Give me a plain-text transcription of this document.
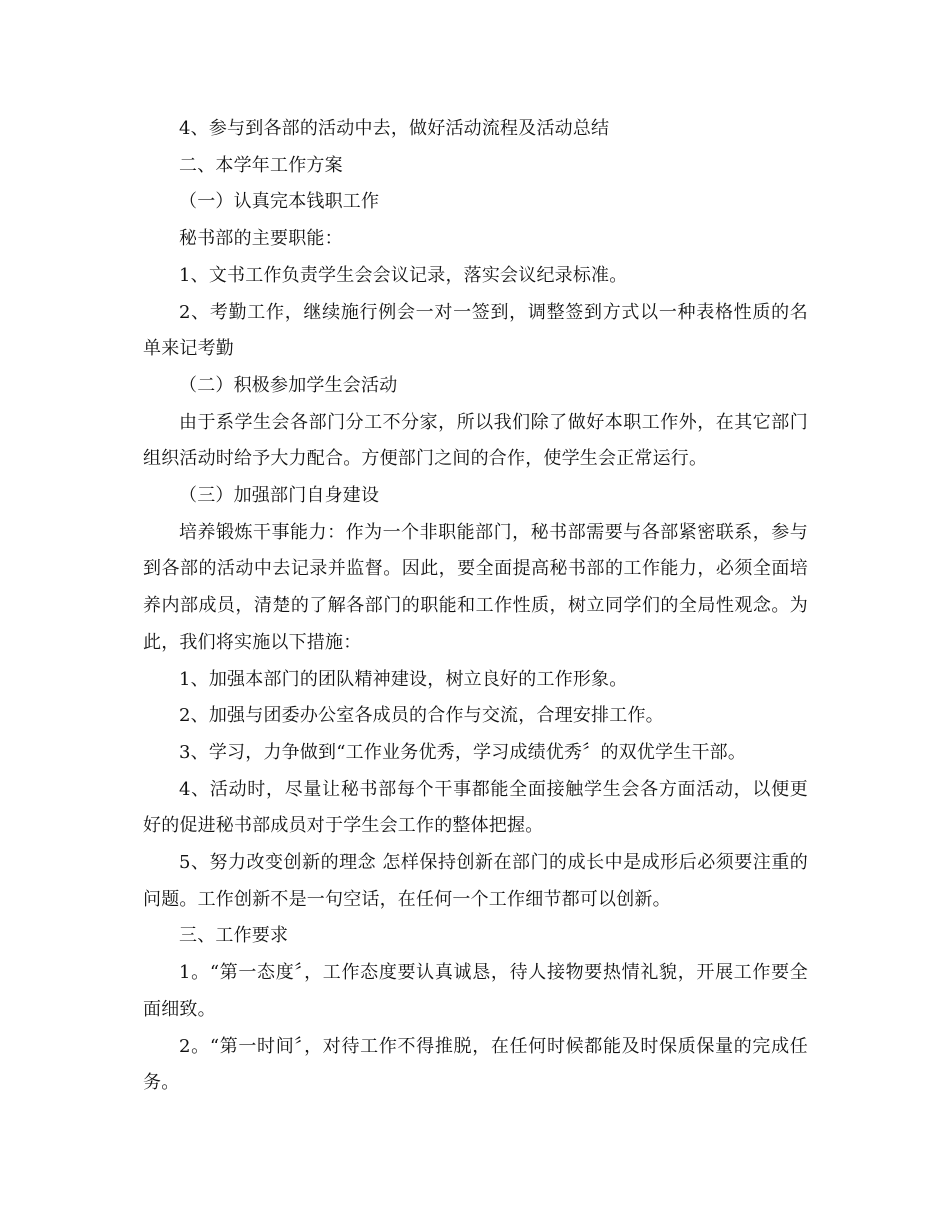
4、参与到各部的活动中去，做好活动流程及活动总结

二、本学年工作方案

（一）认真完本钱职工作

秘书部的主要职能：

1、文书工作负责学生会会议记录，落实会议纪录标准。

2、考勤工作，继续施行例会一对一签到，调整签到方式以一种表格性质的名单来记考勤

（二）积极参加学生会活动

由于系学生会各部门分工不分家，所以我们除了做好本职工作外，在其它部门组织活动时给予大力配合。方便部门之间的合作，使学生会正常运行。

（三）加强部门自身建设

培养锻炼干事能力：作为一个非职能部门，秘书部需要与各部紧密联系，参与到各部的活动中去记录并监督。因此，要全面提高秘书部的工作能力，必须全面培养内部成员，清楚的了解各部门的职能和工作性质，树立同学们的全局性观念。为此，我们将实施以下措施：

1、加强本部门的团队精神建设，树立良好的工作形象。

2、加强与团委办公室各成员的合作与交流，合理安排工作。

3、学习，力争做到“工作业务优秀，学习成绩优秀〞的双优学生干部。

4、活动时，尽量让秘书部每个干事都能全面接触学生会各方面活动，以便更好的促进秘书部成员对于学生会工作的整体把握。

5、努力改变创新的理念 怎样保持创新在部门的成长中是成形后必须要注重的问题。工作创新不是一句空话，在任何一个工作细节都可以创新。

三、工作要求

1。“第一态度〞，工作态度要认真诚恳，待人接物要热情礼貌，开展工作要全面细致。

2。“第一时间〞，对待工作不得推脱，在任何时候都能及时保质保量的完成任务。
